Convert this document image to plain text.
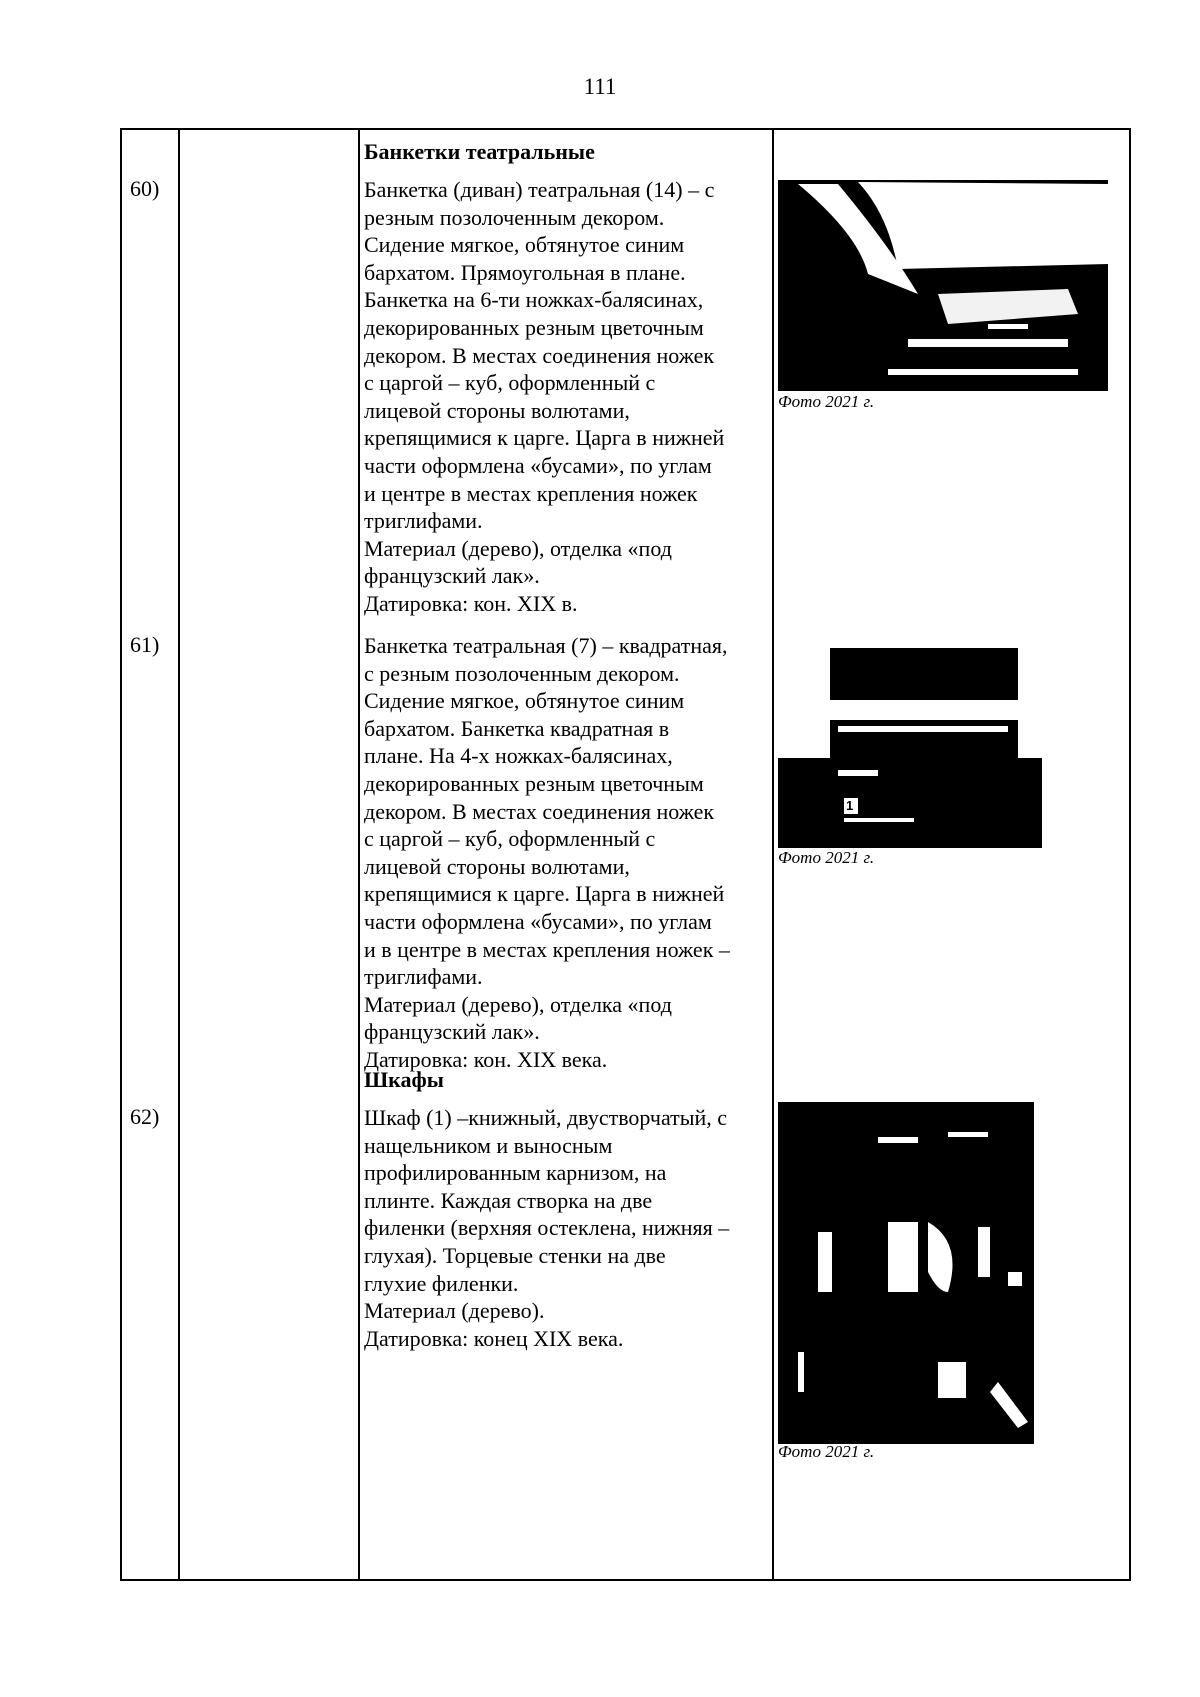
111
Банкетки театральные
60)	Банкетка (диван) театральная (14) – с

резным позолоченным декором.

Сидение мягкое, обтянутое синим

бархатом. Прямоугольная в плане.

Банкетка на 6-ти ножках-балясинах,

декорированных резным цветочным

декором. В местах соединения ножек

с царгой – куб, оформленный с

лицевой стороны волютами,

крепящимися к царге. Царга в нижней

части оформлена «бусами», по углам

и центре в местах крепления ножек

триглифами.

Материал (дерево), отделка «под

французский лак».

Датировка: кон. XIX в.

Фото 2021 г.
61)	Банкетка театральная (7) – квадратная,

с резным позолоченным декором.

Сидение мягкое, обтянутое синим

бархатом. Банкетка квадратная в

плане. На 4-х ножках-балясинах,

декорированных резным цветочным

декором. В местах соединения ножек

с царгой – куб, оформленный с

лицевой стороны волютами,

крепящимися к царге. Царга в нижней

части оформлена «бусами», по углам

и в центре в местах крепления ножек –

триглифами.

Материал (дерево), отделка «под

французский лак».

Датировка: кон. XIX века.

1
Фото 2021 г.
Шкафы
62)	Шкаф (1) –книжный, двустворчатый, с

нащельником и выносным

профилированным карнизом, на

плинте. Каждая створка на две

филенки (верхняя остеклена, нижняя –

глухая). Торцевые стенки на две

глухие филенки.

Материал (дерево).

Датировка: конец XIX века.

Фото 2021 г.
